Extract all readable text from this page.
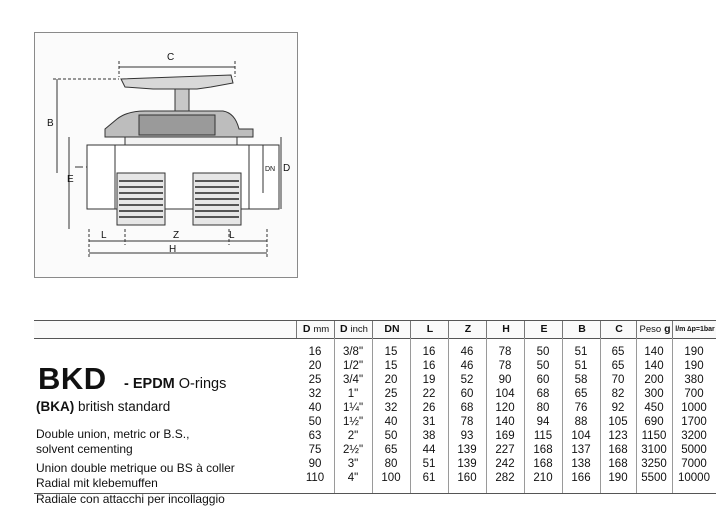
C
B
E
DN D
L	Z	L
H
D mm	D inch	DN	L	Z	H	E	B	C	Peso g l/m ∆p=1bar
BKD - EPDM O-rings
(BKA) british standard
Double union, metric or B.S.,
solvent cementing
Union double metrique ou BS à coller
Radial mit klebemuffen
Radiale con attacchi per incollaggio
16	3/8"	15	16	46	78	50	51	65	140	190
20	1/2"	15	16	46	78	50	51	65	140	190
25	3/4"	20	19	52	90	60	58	70	200	380
32	1"	25	22	60	104	68	65	82	300	700
40	1¼"	32	26	68	120	80	76	92	450	1000
50	1½"	40	31	78	140	94	88	105	690	1700
63	2"	50	38	93	169	115	104	123	1150	3200
75	2½"	65	44	139	227	168	137	168	3100	5000
90	3"	80	51	139	242	168	138	168	3250	7000
110	4"	100	61	160	282	210	166	190	5500 10000
